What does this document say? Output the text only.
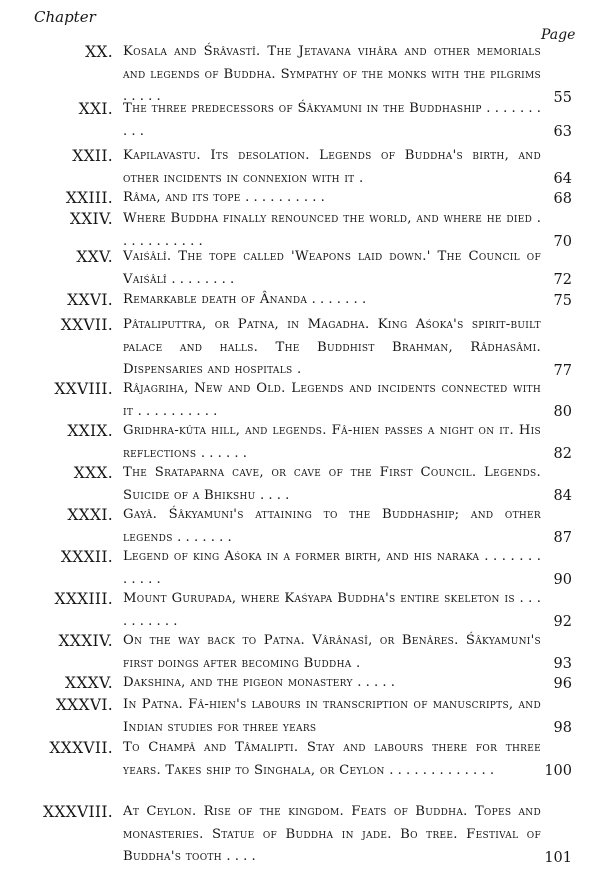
Chapter
Page
XX. Kosala and Śrâvastî. The Jetavana vihâra and other memorials and legends of Buddha. Sympathy of the monks with the pilgrims . . . . .	55
XXI. The three predecessors of Śâkyamuni in the Buddhaship . . . . . . . . . .	63
XXII. Kapilavastu. Its desolation. Legends of Buddha's birth, and other incidents in connexion with it .	64
XXIII. Râma, and its tope . . . . . . . . . .	68
XXIV. Where Buddha finally renounced the world, and where he died . . . . . . . . . . .	70
XXV. Vaiśâlî. The tope called 'Weapons laid down.' The Council of Vaiśâlî . . . . . . . .	72
XXVI. Remarkable death of Ânanda . . . . . . .	75
XXVII. Pâtaliputtra, or Patna, in Magadha. King Aśoka's spirit-built palace and halls. The Buddhist Brahman, Râdhasâmi. Dispensaries and hospitals .	77
XXVIII. Râjagriha, New and Old. Legends and incidents connected with it . . . . . . . . . .	80
XXIX. Gridhra-kûta hill, and legends. Fâ-hien passes a night on it. His reflections . . . . . .	82
XXX. The Srataparna cave, or cave of the First Council. Legends. Suicide of a Bhikshu . . . .	84
XXXI. Gayâ. Śâkyamuni's attaining to the Buddhaship; and other legends . . . . . . .	87
XXXII. Legend of king Aśoka in a former birth, and his naraka . . . . . . . . . . . .	90
XXXIII. Mount Gurupada, where Kaśyapa Buddha's entire skeleton is . . . . . . . . . .	92
XXXIV. On the way back to Patna. Vârânasî, or Benâres. Śâkyamuni's first doings after becoming Buddha .	93
XXXV. Dakshina, and the pigeon monastery . . . . .	96
XXXVI. In Patna. Fâ-hien's labours in transcription of manuscripts, and Indian studies for three years	98
XXXVII. To Champâ and Tâmalipti. Stay and labours there for three years. Takes ship to Singhala, or Ceylon . . . . . . . . . . . . .	100
XXXVIII. At Ceylon. Rise of the kingdom. Feats of Buddha. Topes and monasteries. Statue of Buddha in jade. Bo tree. Festival of Buddha's tooth . . . .	101
